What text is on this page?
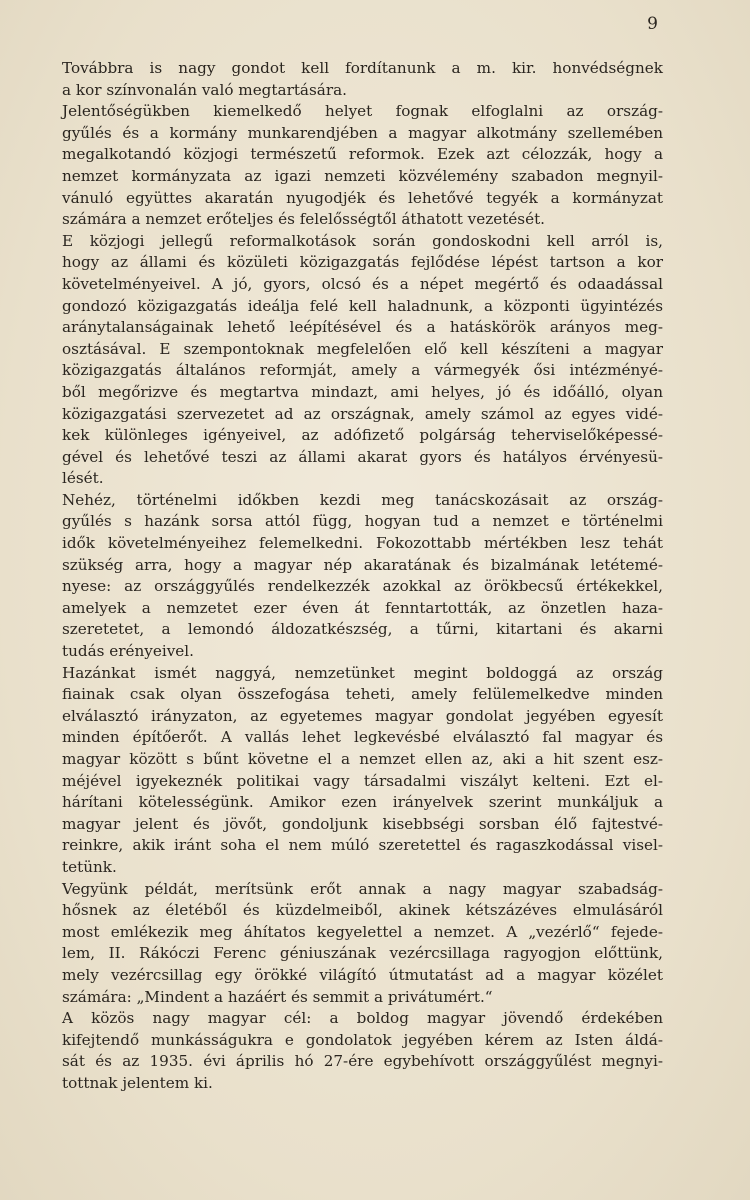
9

Továbbra is nagy gondot kell fordítanunk a m. kir. honvédségnek
a kor színvonalán való megtartására.

Jelentőségükben kiemelkedő helyet fognak elfoglalni az ország-
gyűlés és a kormány munkarendjében a magyar alkotmány szellemében
megalkotandó közjogi természetű reformok. Ezek azt célozzák, hogy a
nemzet kormányzata az igazi nemzeti közvélemény szabadon megnyil-
vánuló együttes akaratán nyugodjék és lehetővé tegyék a kormányzat
számára a nemzet erőteljes és felelősségtől áthatott vezetését.

E közjogi jellegű reformalkotások során gondoskodni kell arról is,
hogy az állami és közületi közigazgatás fejlődése lépést tartson a kor
követelményeivel. A jó, gyors, olcsó és a népet megértő és odaadással
gondozó közigazgatás ideálja felé kell haladnunk, a központi ügyintézés
aránytalanságainak lehető leépítésével és a hatáskörök arányos meg-
osztásával. E szempontoknak megfelelően elő kell készíteni a magyar
közigazgatás általános reformját, amely a vármegyék ősi intézményé-
ből megőrizve és megtartva mindazt, ami helyes, jó és időálló, olyan
közigazgatási szervezetet ad az országnak, amely számol az egyes vidé-
kek különleges igényeivel, az adófizető polgárság teherviselőképessé-
gével és lehetővé teszi az állami akarat gyors és hatályos érvényesü-
lését.

Nehéz, történelmi időkben kezdi meg tanácskozásait az ország-
gyűlés s hazánk sorsa attól függ, hogyan tud a nemzet e történelmi
idők követelményeihez felemelkedni. Fokozottabb mértékben lesz tehát
szükség arra, hogy a magyar nép akaratának és bizalmának letétemé-
nyese: az országgyűlés rendelkezzék azokkal az örökbecsű értékekkel,
amelyek a nemzetet ezer éven át fenntartották, az önzetlen haza-
szeretetet, a lemondó áldozatkészség, a tűrni, kitartani és akarni
tudás erényeivel.

Hazánkat ismét naggyá, nemzetünket megint boldoggá az ország
fiainak csak olyan összefogása teheti, amely felülemelkedve minden
elválasztó irányzaton, az egyetemes magyar gondolat jegyében egyesít
minden építőerőt. A vallás lehet legkevésbé elválasztó fal magyar és
magyar között s bűnt követne el a nemzet ellen az, aki a hit szent esz-
méjével igyekeznék politikai vagy társadalmi viszályt kelteni. Ezt el-
hárítani kötelességünk. Amikor ezen irányelvek szerint munkáljuk a
magyar jelent és jövőt, gondoljunk kisebbségi sorsban élő fajtestvé-
reinkre, akik iránt soha el nem múló szeretettel és ragaszkodással visel-
tetünk.

Vegyünk példát, merítsünk erőt annak a nagy magyar szabadság-
hősnek az életéből és küzdelmeiből, akinek kétszázéves elmulásáról
most emlékezik meg áhítatos kegyelettel a nemzet. A „vezérlő“ fejede-
lem, II. Rákóczi Ferenc géniuszának vezércsillaga ragyogjon előttünk,
mely vezércsillag egy örökké világító útmutatást ad a magyar közélet
számára: „Mindent a hazáért és semmit a privátumért.“

A közös nagy magyar cél: a boldog magyar jövendő érdekében
kifejtendő munkásságukra e gondolatok jegyében kérem az Isten áldá-
sát és az 1935. évi április hó 27-ére egybehívott országgyűlést megnyi-
tottnak jelentem ki.
